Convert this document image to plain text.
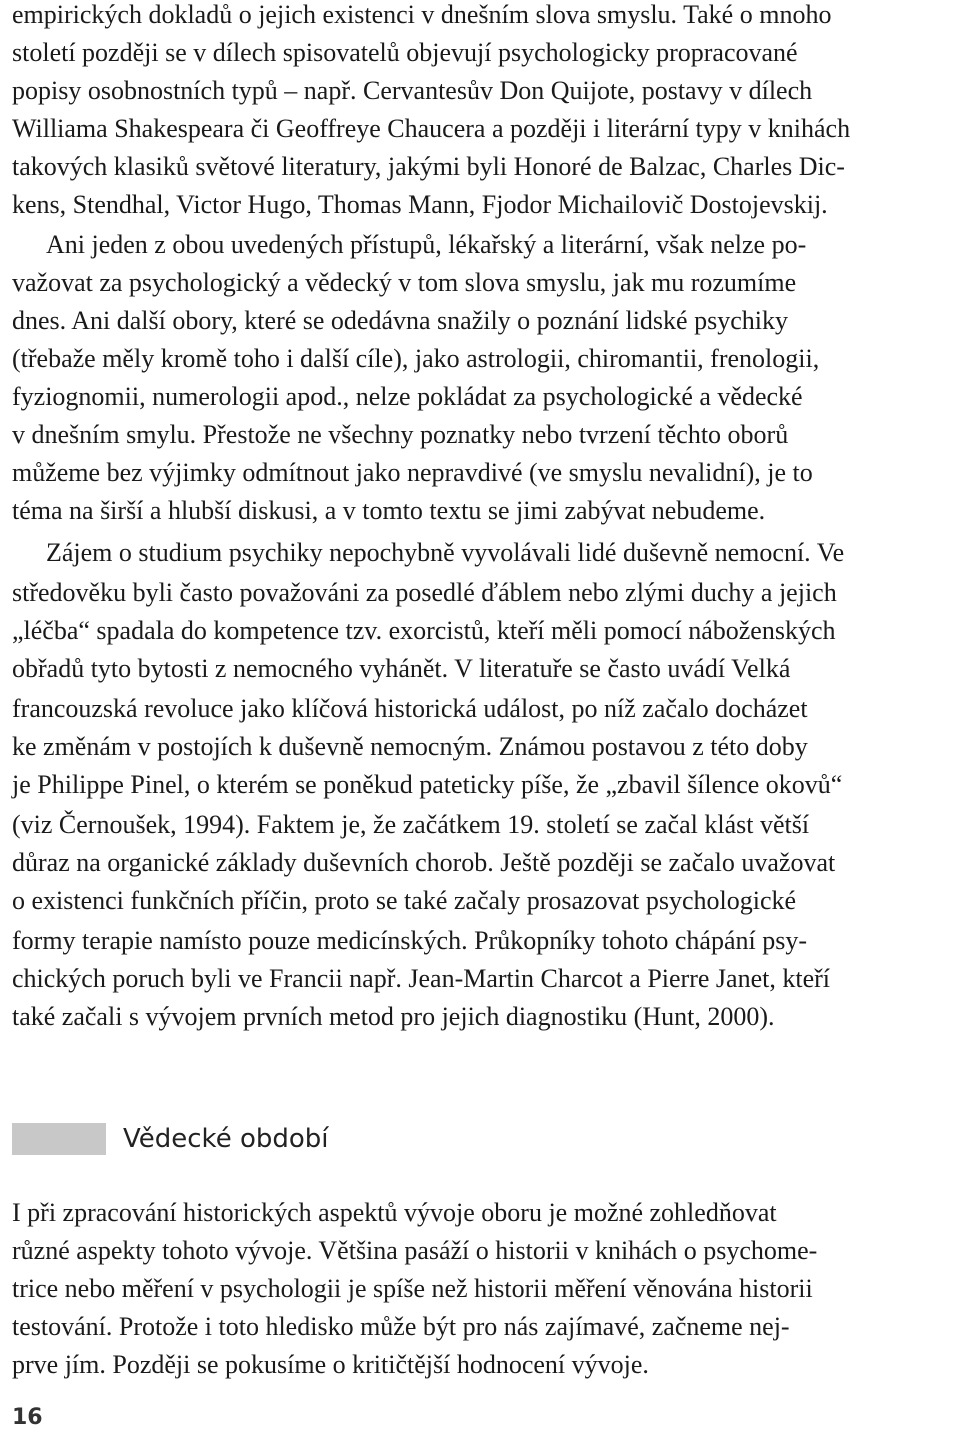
empirických dokladů o jejich existenci v dnešním slova smyslu. Také o mnoho
století později se v dílech spisovatelů objevují psychologicky propracované
popisy osobnostních typů – např. Cervantesův Don Quijote, postavy v dílech
Williama Shakespeara či Geoffreye Chaucera a později i literární typy v knihách
takových klasiků světové literatury, jakými byli Honoré de Balzac, Charles Dic-
kens, Stendhal, Victor Hugo, Thomas Mann, Fjodor Michailovič Dostojevskij.
Ani jeden z obou uvedených přístupů, lékařský a literární, však nelze po-
važovat za psychologický a vědecký v tom slova smyslu, jak mu rozumíme
dnes. Ani další obory, které se odedávna snažily o poznání lidské psychiky
(třebaže měly kromě toho i další cíle), jako astrologii, chiromantii, frenologii,
fyziognomii, numerologii apod., nelze pokládat za psychologické a vědecké
v dnešním smylu. Přestože ne všechny poznatky nebo tvrzení těchto oborů
můžeme bez výjimky odmítnout jako nepravdivé (ve smyslu nevalidní), je to
téma na širší a hlubší diskusi, a v tomto textu se jimi zabývat nebudeme.
Zájem o studium psychiky nepochybně vyvolávali lidé duševně nemocní. Ve
středověku byli často považováni za posedlé ďáblem nebo zlými duchy a jejich
„léčba“ spadala do kompetence tzv. exorcistů, kteří měli pomocí náboženských
obřadů tyto bytosti z nemocného vyhánět. V literatuře se často uvádí Velká
francouzská revoluce jako klíčová historická událost, po níž začalo docházet
ke změnám v postojích k duševně nemocným. Známou postavou z této doby
je Philippe Pinel, o kterém se poněkud pateticky píše, že „zbavil šílence okovů“
(viz Černoušek, 1994). Faktem je, že začátkem 19. století se začal klást větší
důraz na organické základy duševních chorob. Ještě později se začalo uvažovat
o existenci funkčních příčin, proto se také začaly prosazovat psychologické
formy terapie namísto pouze medicínských. Průkopníky tohoto chápání psy-
chických poruch byli ve Francii např. Jean-Martin Charcot a Pierre Janet, kteří
také začali s vývojem prvních metod pro jejich diagnostiku (Hunt, 2000).
I při zpracování historických aspektů vývoje oboru je možné zohledňovat
různé aspekty tohoto vývoje. Většina pasáží o historii v knihách o psychome-
trice nebo měření v psychologii je spíše než historii měření věnována historii
testování. Protože i toto hledisko může být pro nás zajímavé, začneme nej-
prve jím. Později se pokusíme o kritičtější hodnocení vývoje.
Vědecké období
16
